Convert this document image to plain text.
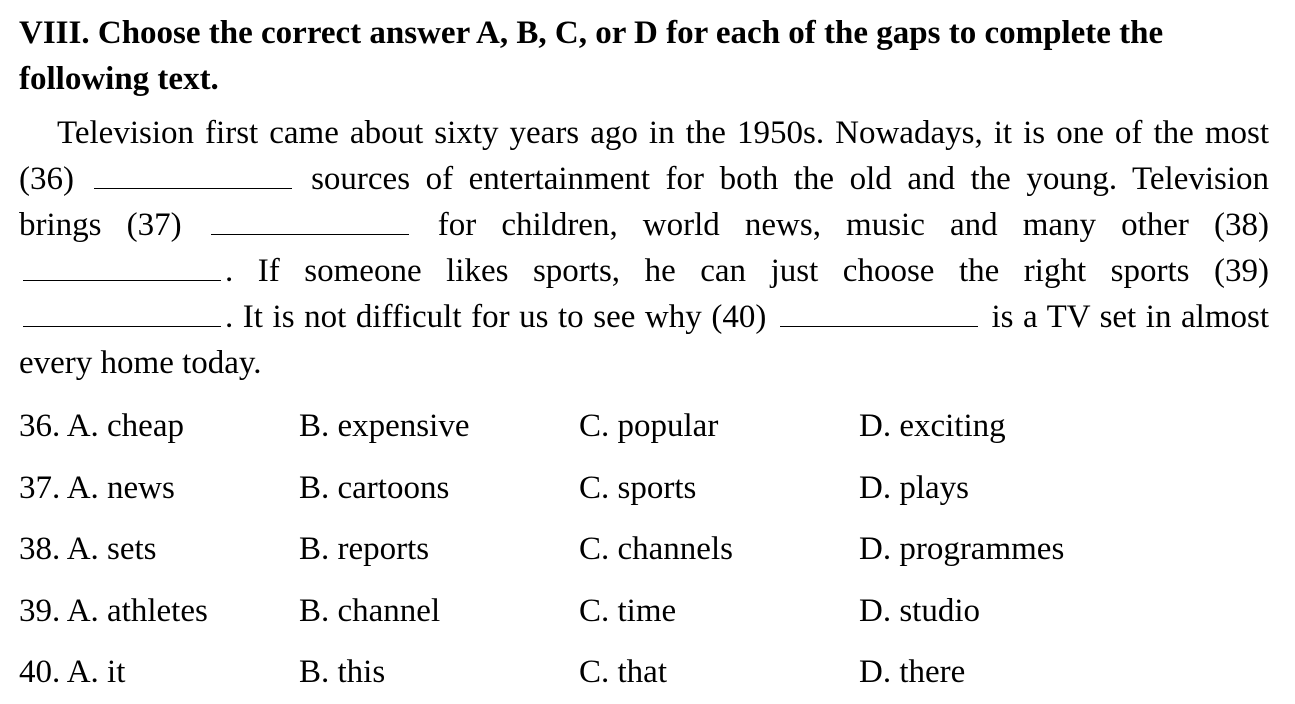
VIII. Choose the correct answer A, B, C, or D for each of the gaps to complete the following text.

Television first came about sixty years ago in the 1950s. Nowadays, it is one of the most (36)	sources of entertainment for both the old and the young. Television brings (37)	for children, world news, music and many other (38) . If someone likes sports, he can just choose the right sports (39) . It is not difficult for us to see why (40)	is a TV set in almost every home today.

36. A. cheap	B. expensive	C. popular	D. exciting
37. A. news	B. cartoons	C. sports	D. plays
38. A. sets	B. reports	C. channels	D. programmes
39. A. athletes	B. channel	C. time	D. studio
40. A. it	B. this	C. that	D. there
